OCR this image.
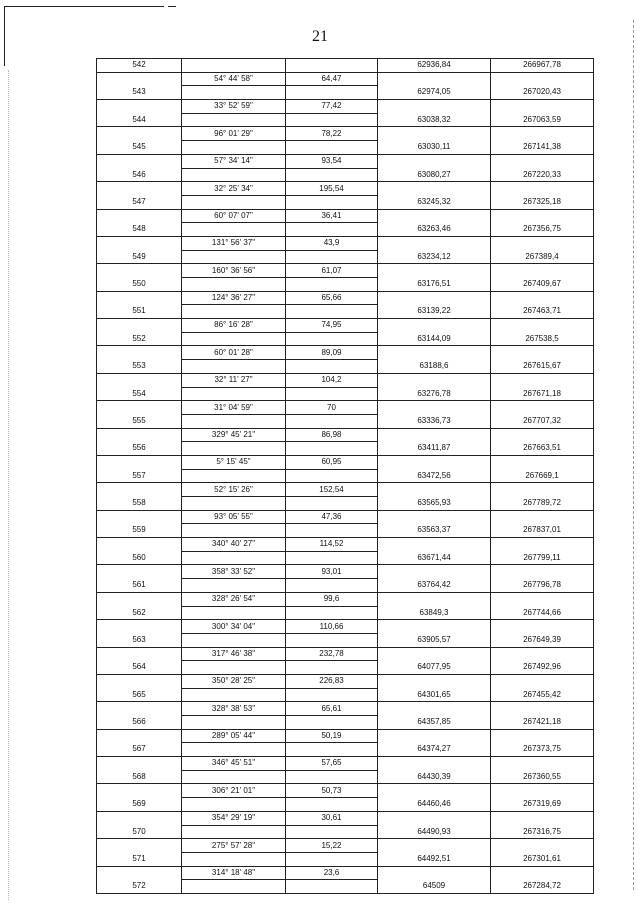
21
542			62936,84	266967,78
	54° 44' 58"	64,47		
543			62974,05	267020,43
	33° 52' 59"	77,42		
544			63038,32	267063,59
	96° 01' 29"	78,22		
545			63030,11	267141,38
	57° 34' 14"	93,54		
546			63080,27	267220,33
	32° 25' 34"	195,54		
547			63245,32	267325,18
	60° 07' 07"	36,41		
548			63263,46	267356,75
	131° 56' 37"	43,9		
549			63234,12	267389,4
	160° 36' 56"	61,07		
550			63176,51	267409,67
	124° 36' 27"	65,66		
551			63139,22	267463,71
	86° 16' 28"	74,95		
552			63144,09	267538,5
	60° 01' 28"	89,09		
553			63188,6	267615,67
	32° 11' 27"	104,2		
554			63276,78	267671,18
	31° 04' 59"	70		
555			63336,73	267707,32
	329° 45' 21"	86,98		
556			63411,87	267663,51
	5° 15' 45"	60,95		
557			63472,56	267669,1
	52° 15' 26"	152,54		
558			63565,93	267789,72
	93° 05' 55"	47,36		
559			63563,37	267837,01
	340° 40' 27"	114,52		
560			63671,44	267799,11
	358° 33' 52"	93,01		
561			63764,42	267796,78
	328° 26' 54"	99,6		
562			63849,3	267744,66
	300° 34' 04"	110,66		
563			63905,57	267649,39
	317° 46' 38"	232,78		
564			64077,95	267492,96
	350° 28' 25"	226,83		
565			64301,65	267455,42
	328° 38' 53"	65,61		
566			64357,85	267421,18
	289° 05' 44"	50,19		
567			64374,27	267373,75
	346° 45' 51"	57,65		
568			64430,39	267360,55
	306° 21' 01"	50,73		
569			64460,46	267319,69
	354° 29' 19"	30,61		
570			64490,93	267316,75
	275° 57' 28"	15,22		
571			64492,51	267301,61
	314° 18' 48"	23,6		
572			64509	267284,72
